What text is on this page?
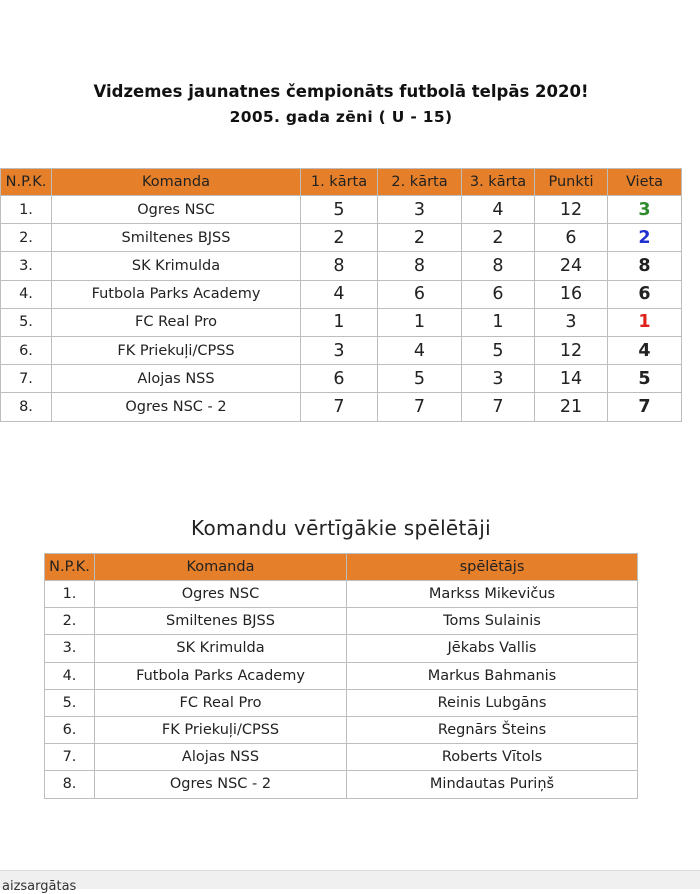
Vidzemes jaunatnes čempionāts futbolā telpās 2020!
2005. gada zēni ( U - 15)
N.P.K.	Komanda	1. kārta	2. kārta	3. kārta	Punkti	Vieta
1.	Ogres NSC	5	3	4	12	3
2.	Smiltenes BJSS	2	2	2	6	2
3.	SK Krimulda	8	8	8	24	8
4.	Futbola Parks Academy	4	6	6	16	6
5.	FC Real Pro	1	1	1	3	1
6.	FK Priekuļi/CPSS	3	4	5	12	4
7.	Alojas NSS	6	5	3	14	5
8.	Ogres NSC - 2	7	7	7	21	7
Komandu vērtīgākie spēlētāji
N.P.K.	Komanda	spēlētājs
1.	Ogres NSC	Markss Mikevičus
2.	Smiltenes BJSS	Toms Sulainis
3.	SK Krimulda	Jēkabs Vallis
4.	Futbola Parks Academy	Markus Bahmanis
5.	FC Real Pro	Reinis Lubgāns
6.	FK Priekuļi/CPSS	Regnārs Šteins
7.	Alojas NSS	Roberts Vītols
8.	Ogres NSC - 2	Mindautas Puriņš
aizsargātas
